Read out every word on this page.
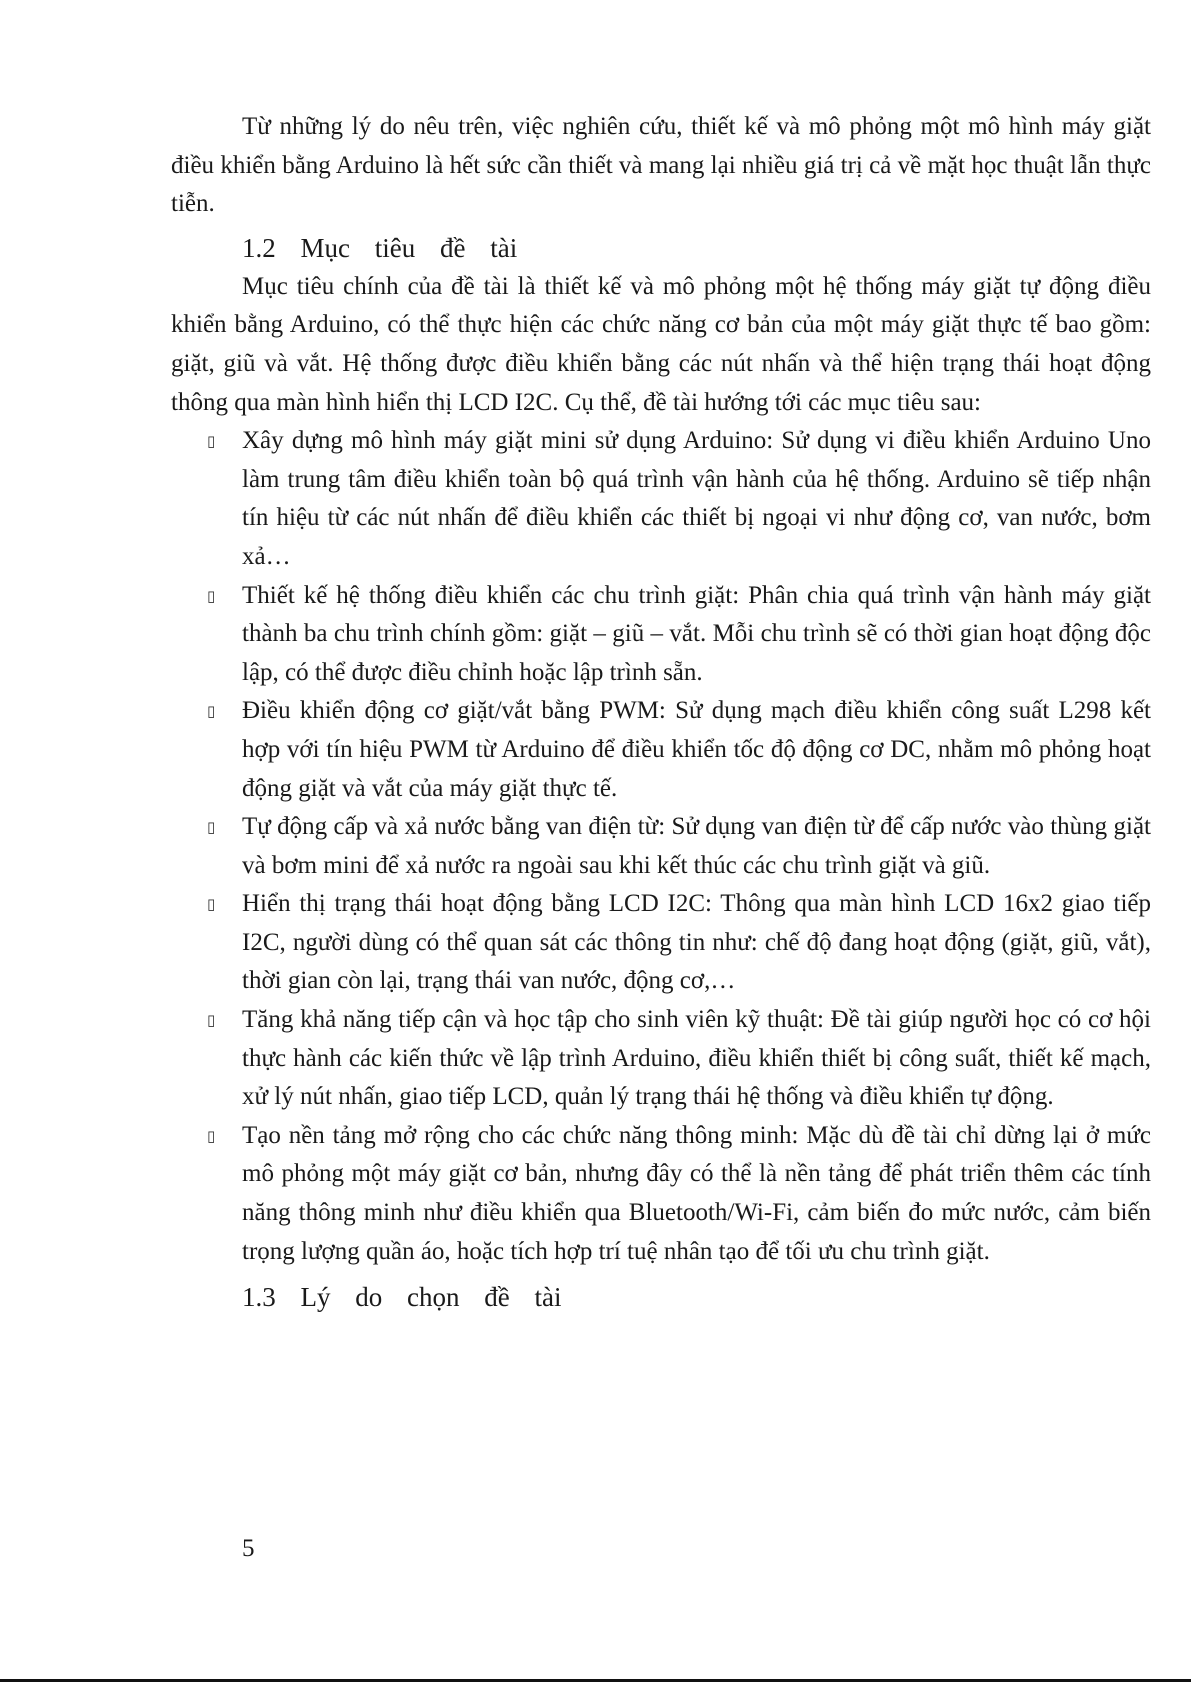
Từ những lý do nêu trên, việc nghiên cứu, thiết kế và mô phỏng một mô hình máy giặt điều khiển bằng Arduino là hết sức cần thiết và mang lại nhiều giá trị cả về mặt học thuật lẫn thực tiễn.

1.2 Mục tiêu đề tài

Mục tiêu chính của đề tài là thiết kế và mô phỏng một hệ thống máy giặt tự động điều khiển bằng Arduino, có thể thực hiện các chức năng cơ bản của một máy giặt thực tế bao gồm: giặt, giũ và vắt. Hệ thống được điều khiển bằng các nút nhấn và thể hiện trạng thái hoạt động thông qua màn hình hiển thị LCD I2C. Cụ thể, đề tài hướng tới các mục tiêu sau:

▯ Xây dựng mô hình máy giặt mini sử dụng Arduino: Sử dụng vi điều khiển Arduino Uno làm trung tâm điều khiển toàn bộ quá trình vận hành của hệ thống. Arduino sẽ tiếp nhận tín hiệu từ các nút nhấn để điều khiển các thiết bị ngoại vi như động cơ, van nước, bơm xả…
▯ Thiết kế hệ thống điều khiển các chu trình giặt: Phân chia quá trình vận hành máy giặt thành ba chu trình chính gồm: giặt – giũ – vắt. Mỗi chu trình sẽ có thời gian hoạt động độc lập, có thể được điều chỉnh hoặc lập trình sẵn.
▯ Điều khiển động cơ giặt/vắt bằng PWM: Sử dụng mạch điều khiển công suất L298 kết hợp với tín hiệu PWM từ Arduino để điều khiển tốc độ động cơ DC, nhằm mô phỏng hoạt động giặt và vắt của máy giặt thực tế.
▯ Tự động cấp và xả nước bằng van điện từ: Sử dụng van điện từ để cấp nước vào thùng giặt và bơm mini để xả nước ra ngoài sau khi kết thúc các chu trình giặt và giũ.
▯ Hiển thị trạng thái hoạt động bằng LCD I2C: Thông qua màn hình LCD 16x2 giao tiếp I2C, người dùng có thể quan sát các thông tin như: chế độ đang hoạt động (giặt, giũ, vắt), thời gian còn lại, trạng thái van nước, động cơ,…
▯ Tăng khả năng tiếp cận và học tập cho sinh viên kỹ thuật: Đề tài giúp người học có cơ hội thực hành các kiến thức về lập trình Arduino, điều khiển thiết bị công suất, thiết kế mạch, xử lý nút nhấn, giao tiếp LCD, quản lý trạng thái hệ thống và điều khiển tự động.
▯ Tạo nền tảng mở rộng cho các chức năng thông minh: Mặc dù đề tài chỉ dừng lại ở mức mô phỏng một máy giặt cơ bản, nhưng đây có thể là nền tảng để phát triển thêm các tính năng thông minh như điều khiển qua Bluetooth/Wi-Fi, cảm biến đo mức nước, cảm biến trọng lượng quần áo, hoặc tích hợp trí tuệ nhân tạo để tối ưu chu trình giặt.
1.3 Lý do chọn đề tài
5
